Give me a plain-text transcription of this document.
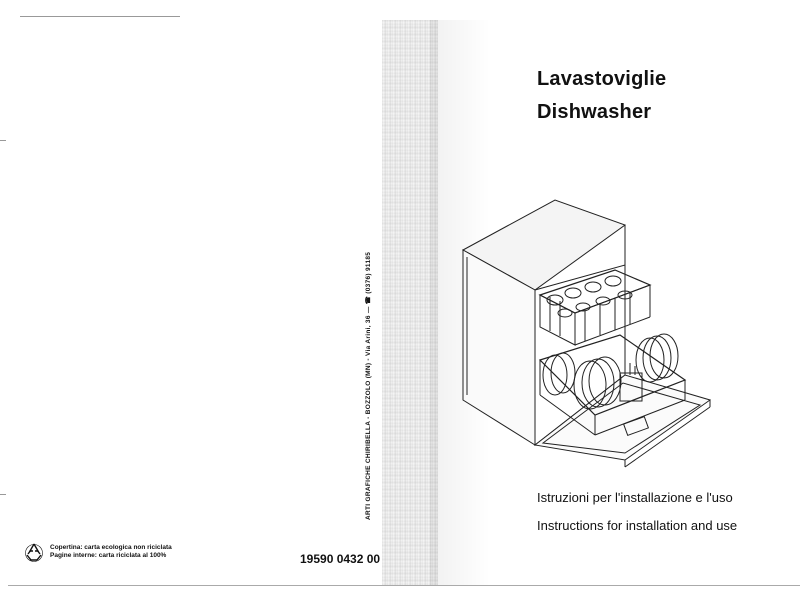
Lavastoviglie
Dishwasher
Istruzioni per l'installazione e l'uso
Instructions for installation and use
ARTI GRAFICHE CHIRIBELLA - BOZZOLO (MN) - Via Arini, 36 — ☎ (0376) 91185
19590 0432 00
Copertina: carta ecologica non riciclata
Pagine interne: carta riciclata al 100%
